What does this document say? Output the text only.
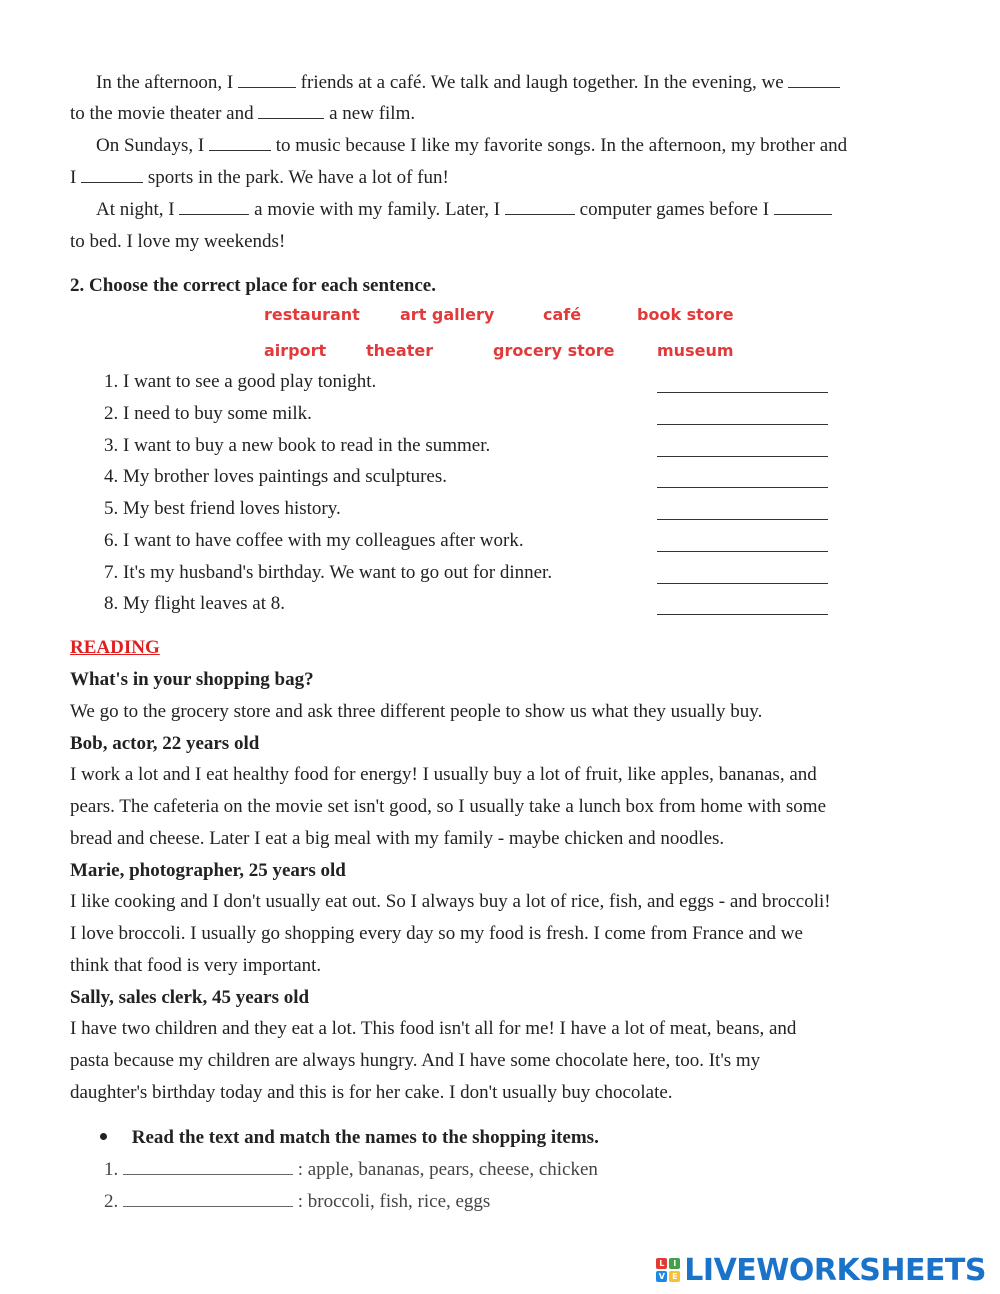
In the afternoon, I	friends at a café. We talk and laugh together. In the evening, we
to the movie theater and	a new film.
On Sundays, I	to music because I like my favorite songs. In the afternoon, my brother and
I	sports in the park. We have a lot of fun!
At night, I	a movie with my family. Later, I	computer games before I
to bed. I love my weekends!
2. Choose the correct place for each sentence.
restaurant	art gallery	café	book store
airport theater	grocery store	museum
1. I want to see a good play tonight.
2. I need to buy some milk.
3. I want to buy a new book to read in the summer.
4. My brother loves paintings and sculptures.
5. My best friend loves history.
6. I want to have coffee with my colleagues after work.
7. It's my husband's birthday. We want to go out for dinner.
8. My flight leaves at 8.
READING
What's in your shopping bag?
We go to the grocery store and ask three different people to show us what they usually buy.
Bob, actor, 22 years old
I work a lot and I eat healthy food for energy! I usually buy a lot of fruit, like apples, bananas, and
pears. The cafeteria on the movie set isn't good, so I usually take a lunch box from home with some
bread and cheese. Later I eat a big meal with my family - maybe chicken and noodles.
Marie, photographer, 25 years old
I like cooking and I don't usually eat out. So I always buy a lot of rice, fish, and eggs - and broccoli!
I love broccoli. I usually go shopping every day so my food is fresh. I come from France and we
think that food is very important.
Sally, sales clerk, 45 years old
I have two children and they eat a lot. This food isn't all for me! I have a lot of meat, beans, and
pasta because my children are always hungry. And I have some chocolate here, too. It's my
daughter's birthday today and this is for her cake. I don't usually buy chocolate.
Read the text and match the names to the shopping items.
1.	: apple, bananas, pears, cheese, chicken
2.	: broccoli, fish, rice, eggs
L	I
V E LIVEWORKSHEETS
